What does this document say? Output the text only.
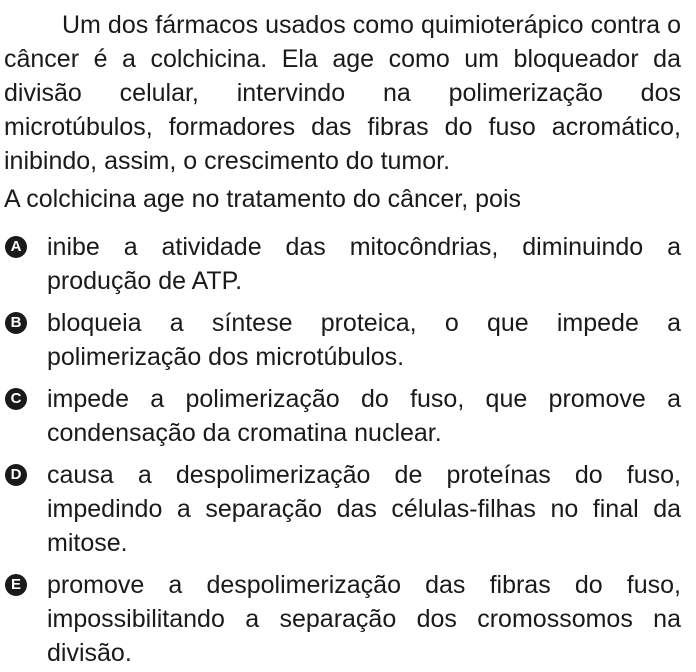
Um dos fármacos usados como quimioterápico contra o câncer é a colchicina. Ela age como um bloqueador da divisão celular, intervindo na polimerização dos microtúbulos, formadores das fibras do fuso acromático, inibindo, assim, o crescimento do tumor.

A colchicina age no tratamento do câncer, pois

A inibe a atividade das mitocôndrias, diminuindo a produção de ATP.
B bloqueia a síntese proteica, o que impede a polimerização dos microtúbulos.
C impede a polimerização do fuso, que promove a condensação da cromatina nuclear.
D causa a despolimerização de proteínas do fuso, impedindo a separação das células-filhas no final da mitose.
E promove a despolimerização das fibras do fuso, impossibilitando a separação dos cromossomos na divisão.
